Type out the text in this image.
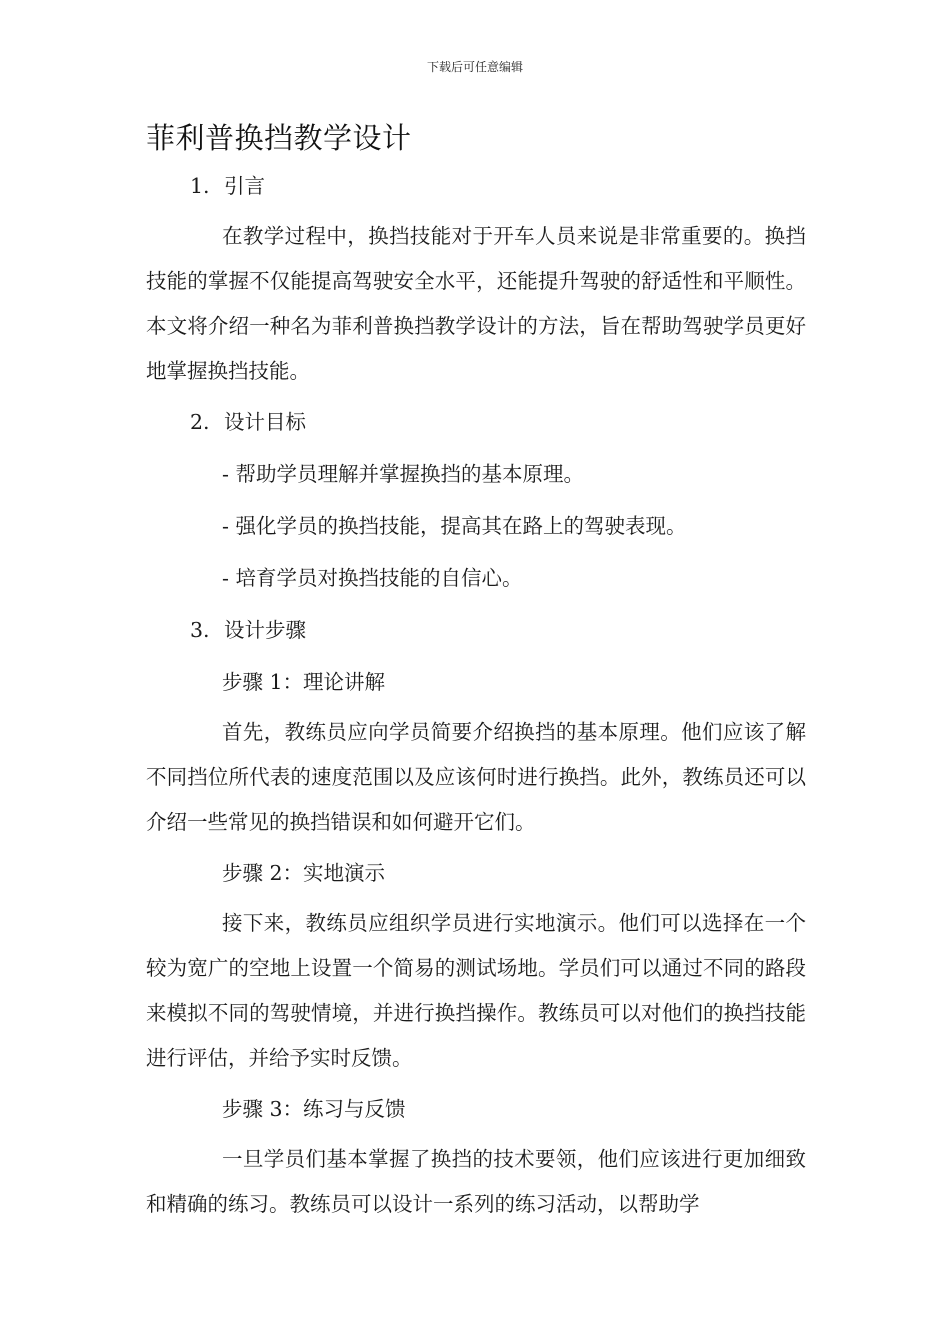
下载后可任意编辑
菲利普换挡教学设计
1. 引言

在教学过程中，换挡技能对于开车人员来说是非常重要的。换挡技能的掌握不仅能提高驾驶安全水平，还能提升驾驶的舒适性和平顺性。本文将介绍一种名为菲利普换挡教学设计的方法，旨在帮助驾驶学员更好地掌握换挡技能。

2. 设计目标

- 帮助学员理解并掌握换挡的基本原理。

- 强化学员的换挡技能，提高其在路上的驾驶表现。

- 培育学员对换挡技能的自信心。

3. 设计步骤

步骤 1：理论讲解

首先，教练员应向学员简要介绍换挡的基本原理。他们应该了解不同挡位所代表的速度范围以及应该何时进行换挡。此外，教练员还可以介绍一些常见的换挡错误和如何避开它们。

步骤 2：实地演示

接下来，教练员应组织学员进行实地演示。他们可以选择在一个较为宽广的空地上设置一个简易的测试场地。学员们可以通过不同的路段来模拟不同的驾驶情境，并进行换挡操作。教练员可以对他们的换挡技能进行评估，并给予实时反馈。

步骤 3：练习与反馈

一旦学员们基本掌握了换挡的技术要领，他们应该进行更加细致和精确的练习。教练员可以设计一系列的练习活动，以帮助学
